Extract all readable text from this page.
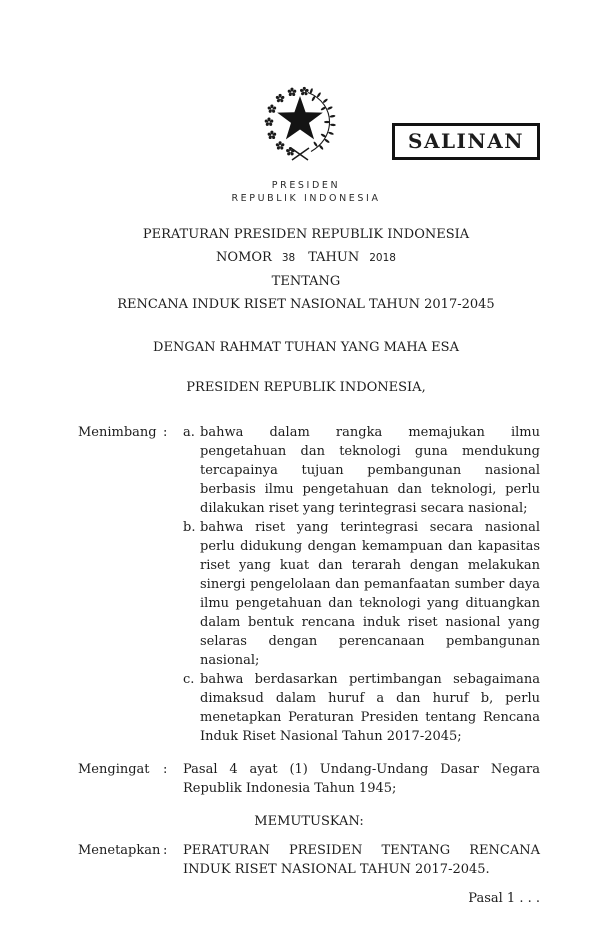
SALINAN
PRESIDEN
REPUBLIK INDONESIA
PERATURAN PRESIDEN REPUBLIK INDONESIA
NOMOR 38 TAHUN 2018
TENTANG
RENCANA INDUK RISET NASIONAL TAHUN 2017-2045
DENGAN RAHMAT TUHAN YANG MAHA ESA
PRESIDEN REPUBLIK INDONESIA,
Menimbang :	a. bahwa dalam rangka memajukan ilmu pengetahuan dan teknologi guna mendukung tercapainya tujuan pembangunan nasional berbasis ilmu pengetahuan dan teknologi, perlu dilakukan riset yang terintegrasi secara nasional;
b. bahwa riset yang terintegrasi secara nasional perlu didukung dengan kemampuan dan kapasitas riset yang kuat dan terarah dengan melakukan sinergi pengelolaan dan pemanfaatan sumber daya ilmu pengetahuan dan teknologi yang dituangkan dalam bentuk rencana induk riset nasional yang selaras dengan perencanaan pembangunan nasional;
c. bahwa berdasarkan pertimbangan sebagaimana dimaksud dalam huruf a dan huruf b, perlu menetapkan Peraturan Presiden tentang Rencana Induk Riset Nasional Tahun 2017-2045;
Mengingat	:	Pasal 4 ayat (1) Undang-Undang Dasar Negara Republik Indonesia Tahun 1945;
MEMUTUSKAN:
Menetapkan :	PERATURAN PRESIDEN TENTANG RENCANA INDUK RISET NASIONAL TAHUN 2017-2045.
Pasal 1 . . .
